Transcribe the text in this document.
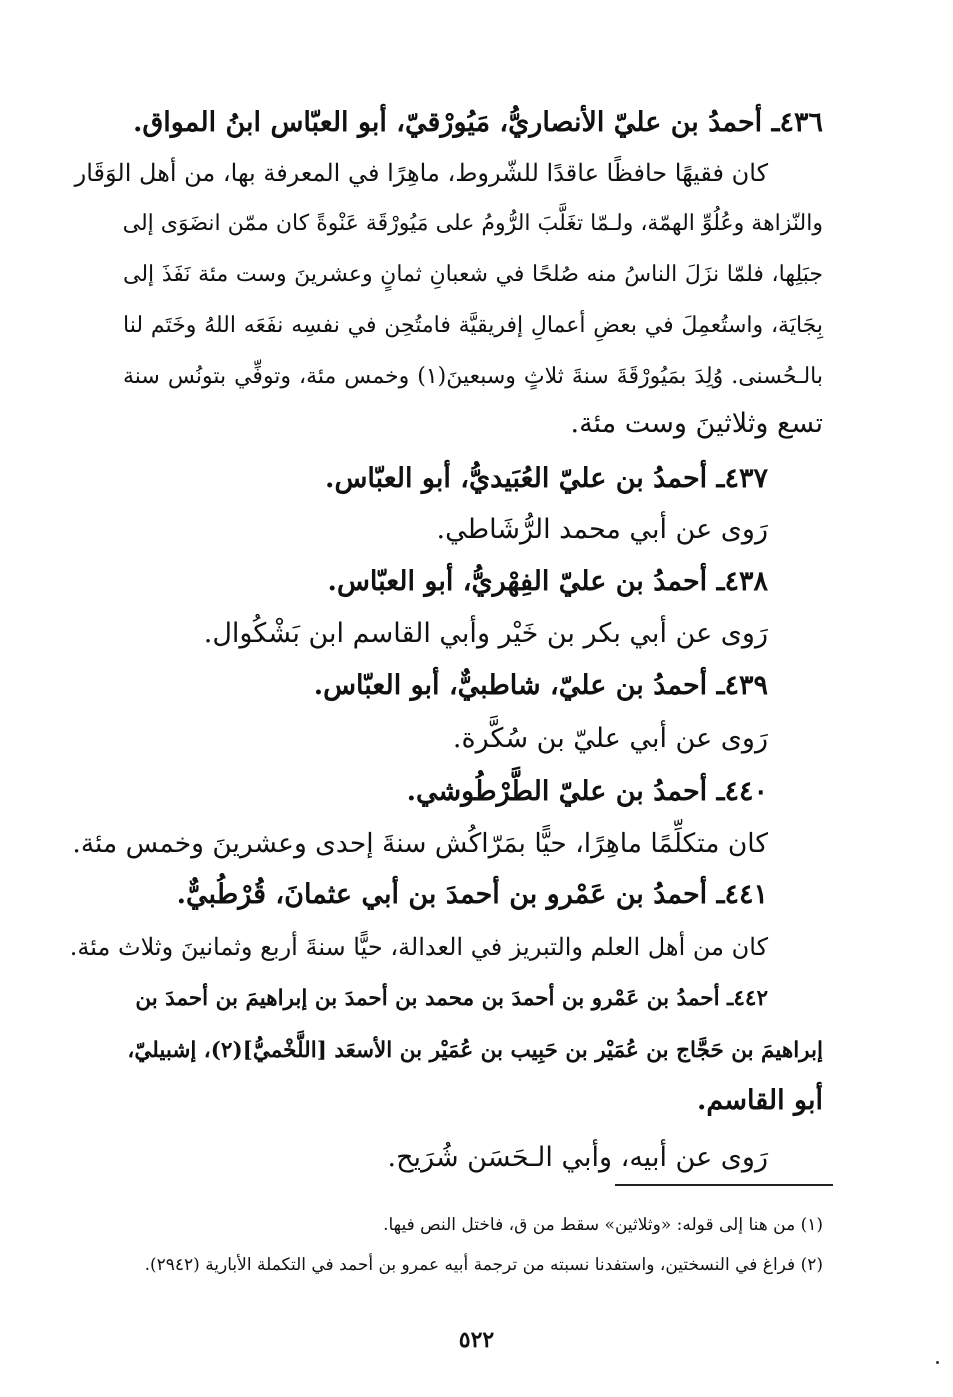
٤٣٦ـ أحمدُ بن عليّ الأنصاريُّ، مَيُورْقيّ، أبو العبّاس ابنُ المواق.
كان فقيهًا حافظًا عاقدًا للشّروط، ماهِرًا في المعرفة بها، من أهل الوَقَار
والنّزاهة وعُلُوِّ الهمّة، ولـمّا تغَلَّبَ الرُّومُ على مَيُورْقَة عَنْوةً كان ممّن انضَوَى إلى
جبَلِها، فلمّا نزَلَ الناسُ منه صُلحًا في شعبانِ ثمانٍ وعشرينَ وست مئة نَفَذَ إلى
بِجَايَة، واستُعمِلَ في بعضِ أعمالِ إفريقيَّة فامتُحِن في نفسِه نفَعَه اللهُ وخَتَم لنا
بالـحُسنى. وُلِدَ بمَيُورْقَةَ سنةَ ثلاثٍ وسبعينَ(١) وخمس مئة، وتوفِّي بتونُس سنة
تسع وثلاثينَ وست مئة.
٤٣٧ـ أحمدُ بن عليّ العُبَيديُّ، أبو العبّاس.
رَوى عن أبي محمد الرُّشَاطي.
٤٣٨ـ أحمدُ بن عليّ الفِهْريُّ، أبو العبّاس.
رَوى عن أبي بكر بن خَيْر وأبي القاسم ابن بَشْكُوال.
٤٣٩ـ أحمدُ بن عليّ، شاطبيٌّ، أبو العبّاس.
رَوى عن أبي عليّ بن سُكَّرة.
٤٤٠ـ أحمدُ بن عليّ الطَّرْطُوشي.
كان متكلِّمًا ماهِرًا، حيًّا بمَرّاكُش سنةَ إحدى وعشرينَ وخمس مئة.
٤٤١ـ أحمدُ بن عَمْرو بن أحمدَ بن أبي عثمانَ، قُرْطُبيٌّ.
كان من أهل العلم والتبريز في العدالة، حيًّا سنةَ أربع وثمانينَ وثلاث مئة.
٤٤٢ـ أحمدُ بن عَمْرو بن أحمدَ بن محمد بن أحمدَ بن إبراهيمَ بن أحمدَ بن
إبراهيمَ بن حَجَّاج بن عُمَيْر بن حَبِيب بن عُمَيْر بن الأسعَد [اللَّخْميُّ](٢)، إشبيليّ،
أبو القاسم.
رَوى عن أبيه، وأبي الـحَسَن شُرَيح.
(١) من هنا إلى قوله: «وثلاثين» سقط من ق، فاختل النص فيها.
(٢) فراغ في النسختين، واستفدنا نسبته من ترجمة أبيه عمرو بن أحمد في التكملة الأبارية (٢٩٤٢).
٥٢٢
